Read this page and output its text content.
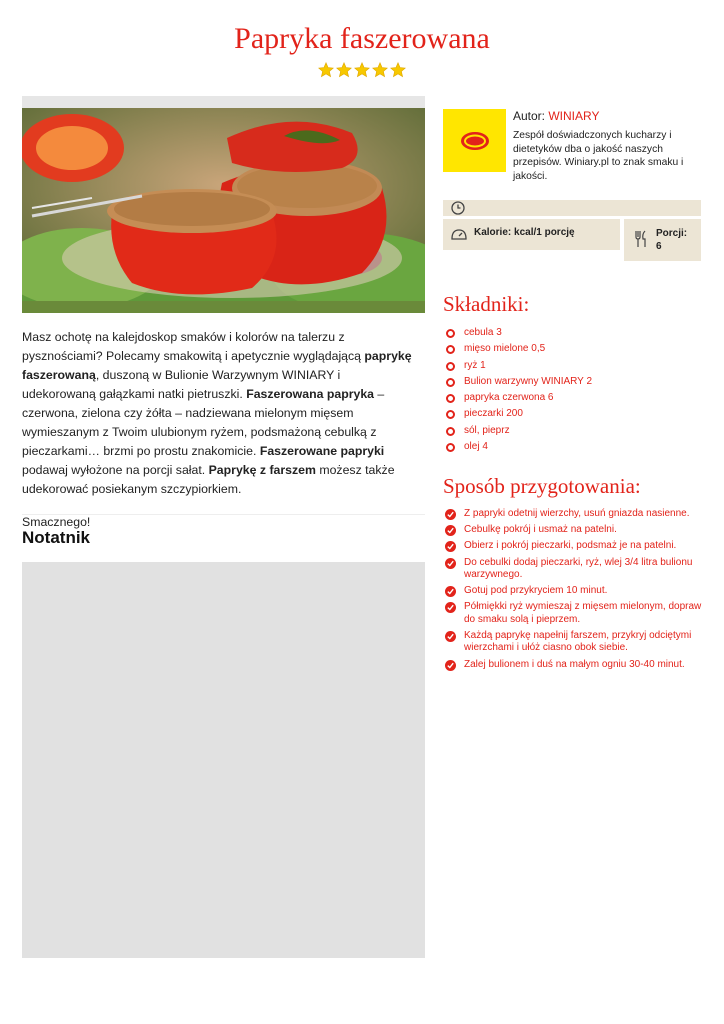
Papryka faszerowana

Masz ochotę na kalejdoskop smaków i kolorów na talerzu z pysznościami? Polecamy smakowitą i apetycznie wyglądającą paprykę faszerowaną, duszoną w Bulionie Warzywnym WINIARY i udekorowaną gałązkami natki pietruszki. Faszerowana papryka – czerwona, zielona czy żółta – nadziewana mielonym mięsem wymieszanym z Twoim ulubionym ryżem, podsmażoną cebulką z pieczarkami… brzmi po prostu znakomicie. Faszerowane papryki podawaj wyłożone na porcji sałat. Paprykę z farszem możesz także udekorować posiekanym szczypiorkiem.

Smacznego!

Notatnik
Autor: WINIARY
Zespół doświadczonych kucharzy i dietetyków dba o jakość naszych przepisów. Winiary.pl to znak smaku i jakości.
Kalorie: kcal/1 porcję	Porcji:
6
Składniki:
cebula 3
mięso mielone 0,5
ryż 1
Bulion warzywny WINIARY 2
papryka czerwona 6
pieczarki 200
sól, pieprz
olej 4
Sposób przygotowania:
Z papryki odetnij wierzchy, usuń gniazda nasienne.
Cebulkę pokrój i usmaż na patelni.
Obierz i pokrój pieczarki, podsmaż je na patelni.
Do cebulki dodaj pieczarki, ryż, wlej 3/4 litra bulionu warzywnego.
Gotuj pod przykryciem 10 minut.
Półmiękki ryż wymieszaj z mięsem mielonym, dopraw do smaku solą i pieprzem.
Każdą paprykę napełnij farszem, przykryj odciętymi wierzchami i ułóż ciasno obok siebie.
Zalej bulionem i duś na małym ogniu 30-40 minut.
